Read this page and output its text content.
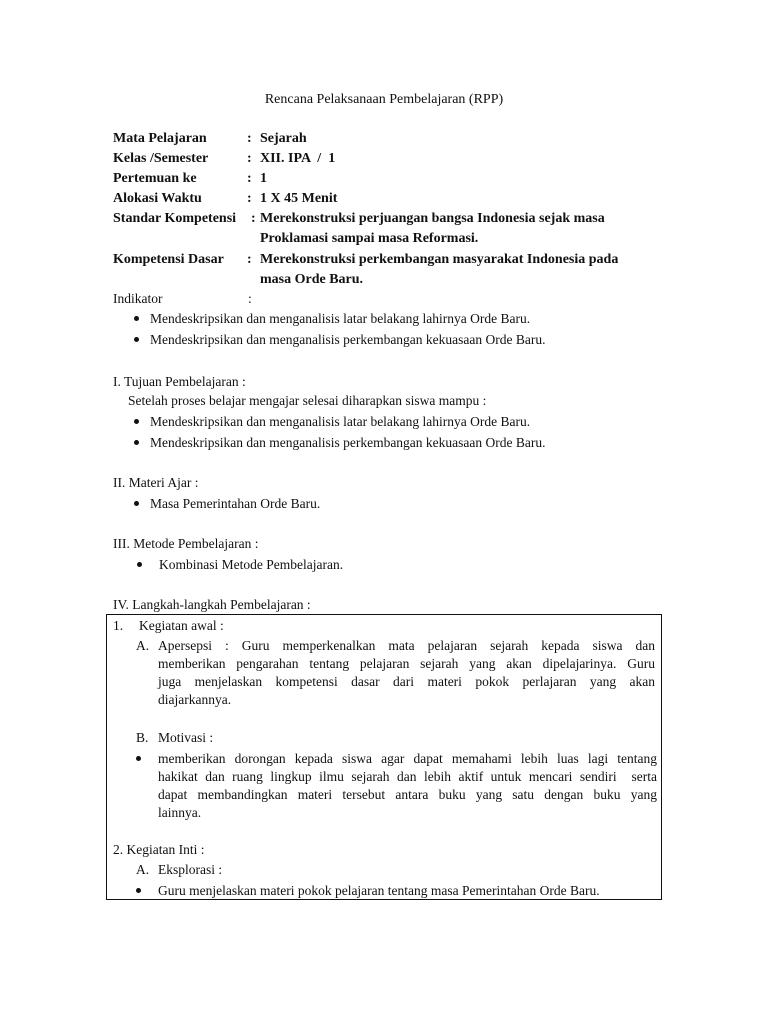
Rencana Pelaksanaan Pembelajaran (RPP)
Mata Pelajaran	: Sejarah
Kelas /Semester	: XII. IPA  /  1
Pertemuan ke	: 1
Alokasi Waktu	: 1 X 45 Menit
Standar Kompetensi : Merekonstruksi perjuangan bangsa Indonesia sejak masa
Proklamasi sampai masa Reformasi.
Kompetensi Dasar : Merekonstruksi perkembangan masyarakat Indonesia pada
masa Orde Baru.
Indikator	:
Mendeskripsikan dan menganalisis latar belakang lahirnya Orde Baru.
Mendeskripsikan dan menganalisis perkembangan kekuasaan Orde Baru.
I. Tujuan Pembelajaran :
Setelah proses belajar mengajar selesai diharapkan siswa mampu :
Mendeskripsikan dan menganalisis latar belakang lahirnya Orde Baru.
Mendeskripsikan dan menganalisis perkembangan kekuasaan Orde Baru.
II. Materi Ajar :
Masa Pemerintahan Orde Baru.
III. Metode Pembelajaran :
Kombinasi Metode Pembelajaran.
IV. Langkah-langkah Pembelajaran :
1. Kegiatan awal :
A. Apersepsi : Guru memperkenalkan mata pelajaran sejarah kepada siswa dan
memberikan pengarahan tentang pelajaran sejarah yang akan dipelajarinya. Guru
juga menjelaskan kompetensi dasar dari materi pokok perlajaran yang akan
diajarkannya.
B. Motivasi :
memberikan dorongan kepada siswa agar dapat memahami lebih luas lagi tentang
hakikat dan ruang lingkup ilmu sejarah dan lebih aktif untuk mencari sendiri  serta
dapat membandingkan materi tersebut antara buku yang satu dengan buku yang
lainnya.
2. Kegiatan Inti :
A. Eksplorasi :
Guru menjelaskan materi pokok pelajaran tentang masa Pemerintahan Orde Baru.
